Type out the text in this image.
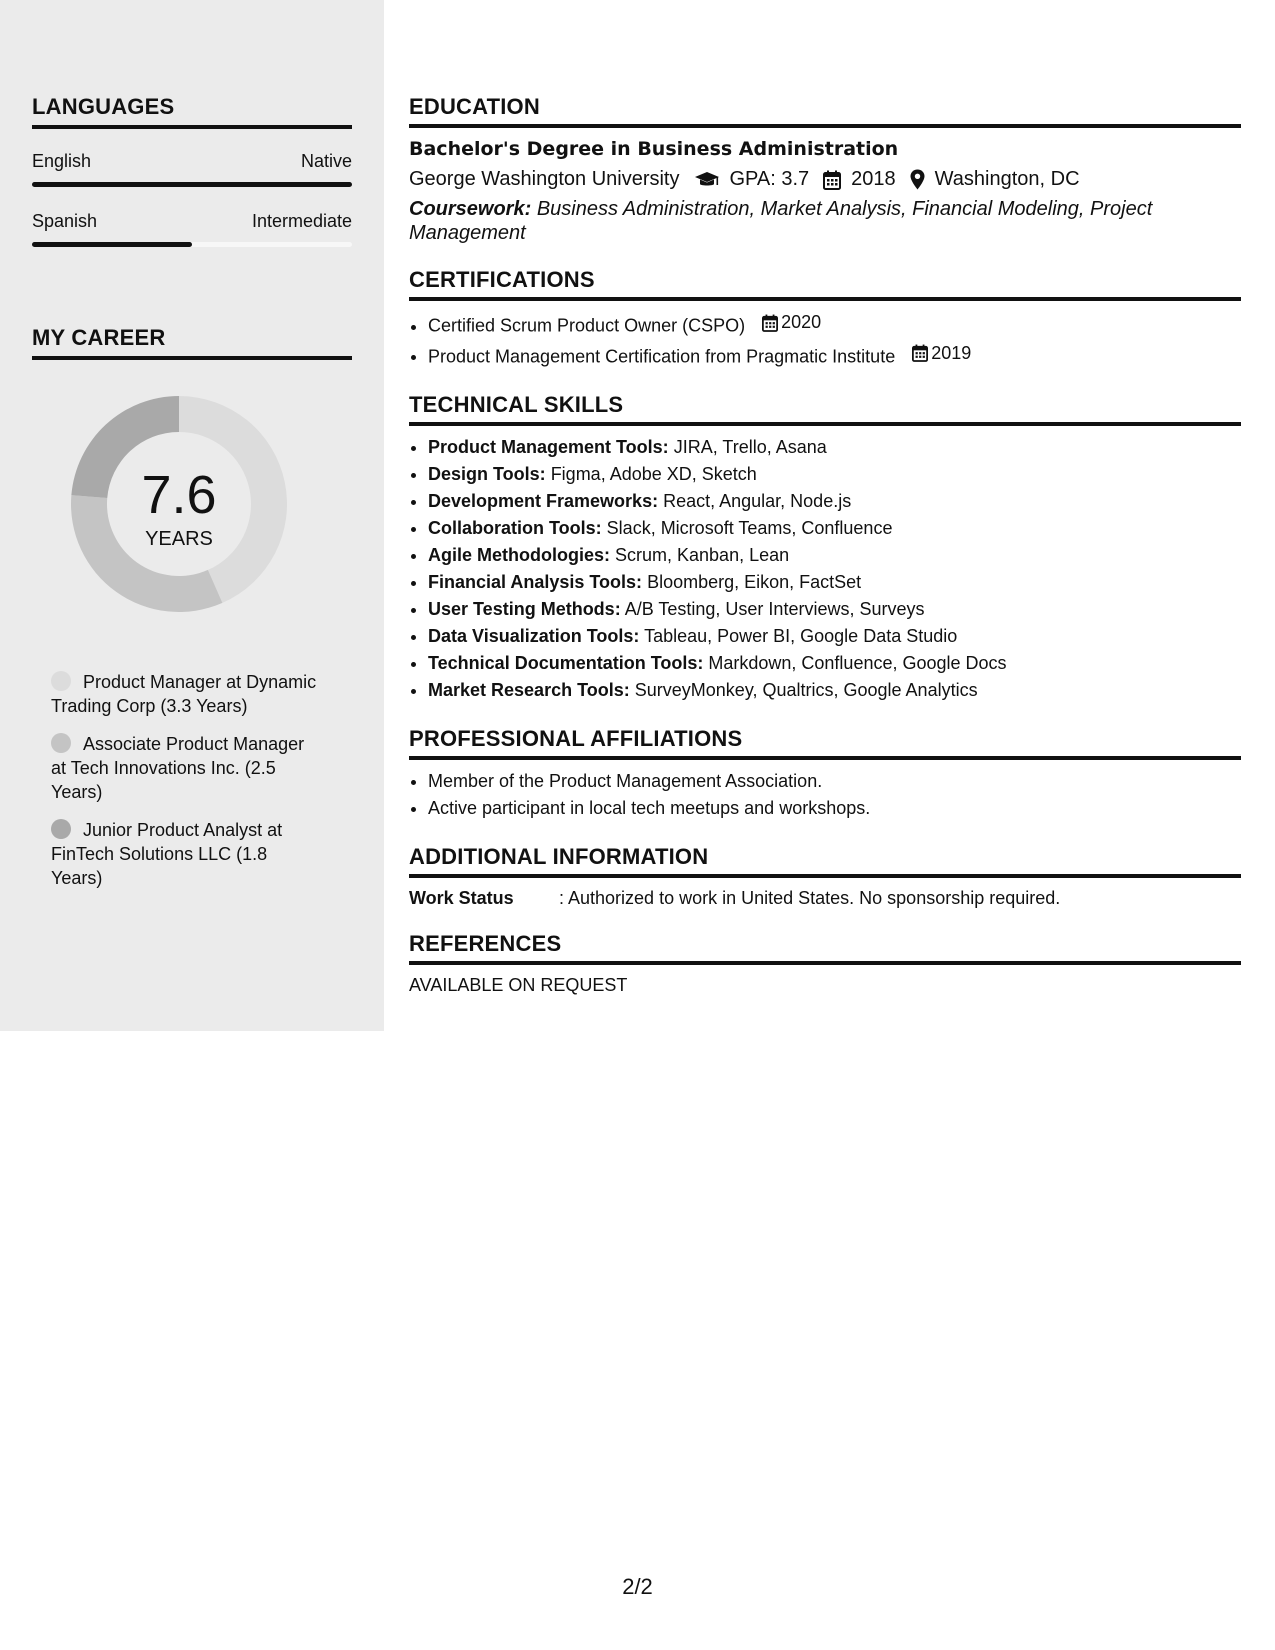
LANGUAGES
English	Native
Spanish	Intermediate
MY CAREER
7.6
YEARS
Product Manager at Dynamic Trading Corp (3.3 Years)
Associate Product Manager at Tech Innovations Inc. (2.5 Years)
Junior Product Analyst at FinTech Solutions LLC (1.8 Years)
EDUCATION
Bachelor's Degree in Business Administration
George Washington University	GPA: 3.7 2018 Washington, DC
Coursework: Business Administration, Market Analysis, Financial Modeling, Project Management
CERTIFICATIONS
• Certified Scrum Product Owner (CSPO) 2020
• Product Management Certification from Pragmatic Institute 2019
TECHNICAL SKILLS
• Product Management Tools: JIRA, Trello, Asana
• Design Tools: Figma, Adobe XD, Sketch
• Development Frameworks: React, Angular, Node.js
• Collaboration Tools: Slack, Microsoft Teams, Confluence
• Agile Methodologies: Scrum, Kanban, Lean
• Financial Analysis Tools: Bloomberg, Eikon, FactSet
• User Testing Methods: A/B Testing, User Interviews, Surveys
• Data Visualization Tools: Tableau, Power BI, Google Data Studio
• Technical Documentation Tools: Markdown, Confluence, Google Docs
• Market Research Tools: SurveyMonkey, Qualtrics, Google Analytics
PROFESSIONAL AFFILIATIONS
• Member of the Product Management Association.
• Active participant in local tech meetups and workshops.
ADDITIONAL INFORMATION
Work Status	: Authorized to work in United States. No sponsorship required.
REFERENCES
AVAILABLE ON REQUEST
2/2
